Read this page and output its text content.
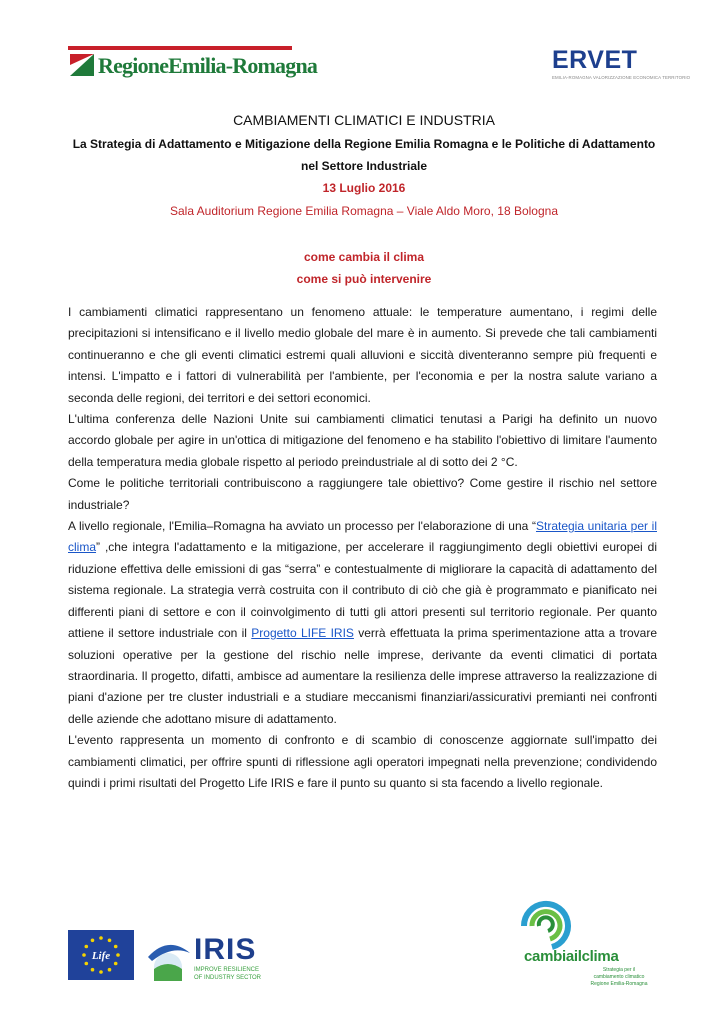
RegioneEmilia-Romagna	ERVET
EMILIA-ROMAGNA VALORIZZAZIONE ECONOMICA TERRITORIO
CAMBIAMENTI CLIMATICI E INDUSTRIA
La Strategia di Adattamento e Mitigazione della Regione Emilia Romagna e le Politiche di Adattamento nel Settore Industriale
13 Luglio 2016
Sala Auditorium Regione Emilia Romagna – Viale Aldo Moro, 18 Bologna
come cambia il clima
come si può intervenire

I cambiamenti climatici rappresentano un fenomeno attuale: le temperature aumentano, i regimi delle precipitazioni si intensificano e il livello medio globale del mare è in aumento. Si prevede che tali cambiamenti continueranno e che gli eventi climatici estremi quali alluvioni e siccità diventeranno sempre più frequenti e intensi. L'impatto e i fattori di vulnerabilità per l'ambiente, per l'economia e per la nostra salute variano a seconda delle regioni, dei territori e dei settori economici.

L'ultima conferenza delle Nazioni Unite sui cambiamenti climatici tenutasi a Parigi ha definito un nuovo accordo globale per agire in un'ottica di mitigazione del fenomeno e ha stabilito l'obiettivo di limitare l'aumento della temperatura media globale rispetto al periodo preindustriale al di sotto dei 2 °C.

Come le politiche territoriali contribuiscono a raggiungere tale obiettivo? Come gestire il rischio nel settore industriale?

A livello regionale, l'Emilia–Romagna ha avviato un processo per l'elaborazione di una “Strategia unitaria per il clima” ,che integra l'adattamento e la mitigazione, per accelerare il raggiungimento degli obiettivi europei di riduzione effettiva delle emissioni di gas “serra” e contestualmente di migliorare la capacità di adattamento del sistema regionale. La strategia verrà costruita con il contributo di ciò che già è programmato e pianificato nei differenti piani di settore e con il coinvolgimento di tutti gli attori presenti sul territorio regionale. Per quanto attiene il settore industriale con il Progetto LIFE IRIS verrà effettuata la prima sperimentazione atta a trovare soluzioni operative per la gestione del rischio nelle imprese, derivante da eventi climatici di portata straordinaria. Il progetto, difatti, ambisce ad aumentare la resilienza delle imprese attraverso la realizzazione di piani d'azione per tre cluster industriali e a studiare meccanismi finanziari/assicurativi premianti nei confronti delle aziende che adottano misure di adattamento.

L'evento rappresenta un momento di confronto e di scambio di conoscenze aggiornate sull'impatto dei cambiamenti climatici, per offrire spunti di riflessione agli operatori impegnati nella prevenzione; condividendo quindi i primi risultati del Progetto Life IRIS e fare il punto su quanto si sta facendo a livello regionale.

Life	IRIS
IMPROVE RESILIENCE
OF INDUSTRY SECTOR
cambiailclima
Strategia per il
cambiamento climatico
Regione Emilia-Romagna
